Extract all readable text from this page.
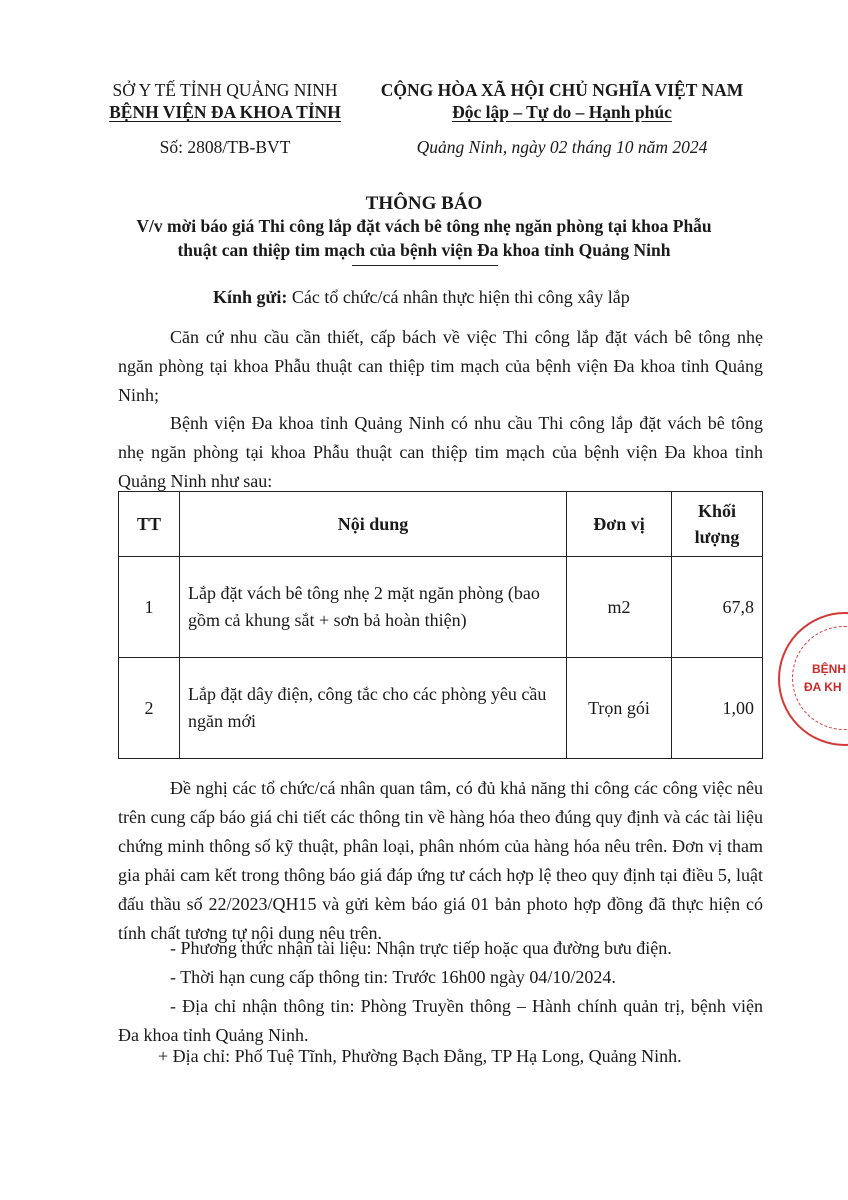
SỞ Y TẾ TỈNH QUẢNG NINH
BỆNH VIỆN ĐA KHOA TỈNH
Số: 2808/TB-BVT
CỘNG HÒA XÃ HỘI CHỦ NGHĨA VIỆT NAM
Độc lập – Tự do – Hạnh phúc
Quảng Ninh, ngày 02 tháng 10 năm 2024
THÔNG BÁO
V/v mời báo giá Thi công lắp đặt vách bê tông nhẹ ngăn phòng tại khoa Phẫu
thuật can thiệp tim mạch của bệnh viện Đa khoa tỉnh Quảng Ninh
Kính gửi: Các tổ chức/cá nhân thực hiện thi công xây lắp
Căn cứ nhu cầu cần thiết, cấp bách về việc Thi công lắp đặt vách bê tông nhẹ ngăn phòng tại khoa Phẫu thuật can thiệp tim mạch của bệnh viện Đa khoa tỉnh Quảng Ninh;
Bệnh viện Đa khoa tỉnh Quảng Ninh có nhu cầu Thi công lắp đặt vách bê tông nhẹ ngăn phòng tại khoa Phẫu thuật can thiệp tim mạch của bệnh viện Đa khoa tỉnh Quảng Ninh như sau:
TT	Nội dung	Đơn vị	Khối
lượng
1	Lắp đặt vách bê tông nhẹ 2 mặt ngăn phòng (bao gồm cả khung sắt + sơn bả hoàn thiện)	m2	67,8
2	Lắp đặt dây điện, công tắc cho các phòng yêu cầu ngăn mới	Trọn gói	1,00
Đề nghị các tổ chức/cá nhân quan tâm, có đủ khả năng thi công các công việc nêu trên cung cấp báo giá chi tiết các thông tin về hàng hóa theo đúng quy định và các tài liệu chứng minh thông số kỹ thuật, phân loại, phân nhóm của hàng hóa nêu trên. Đơn vị tham gia phải cam kết trong thông báo giá đáp ứng tư cách hợp lệ theo quy định tại điều 5, luật đấu thầu số 22/2023/QH15 và gửi kèm báo giá 01 bản photo hợp đồng đã thực hiện có tính chất tương tự nội dung nêu trên.
- Phương thức nhận tài liệu: Nhận trực tiếp hoặc qua đường bưu điện.
- Thời hạn cung cấp thông tin: Trước 16h00 ngày 04/10/2024.
- Địa chỉ nhận thông tin: Phòng Truyền thông – Hành chính quản trị, bệnh viện Đa khoa tỉnh Quảng Ninh.
+ Địa chỉ: Phố Tuệ Tĩnh, Phường Bạch Đằng, TP Hạ Long, Quảng Ninh.
BỆNH
ĐA KH
